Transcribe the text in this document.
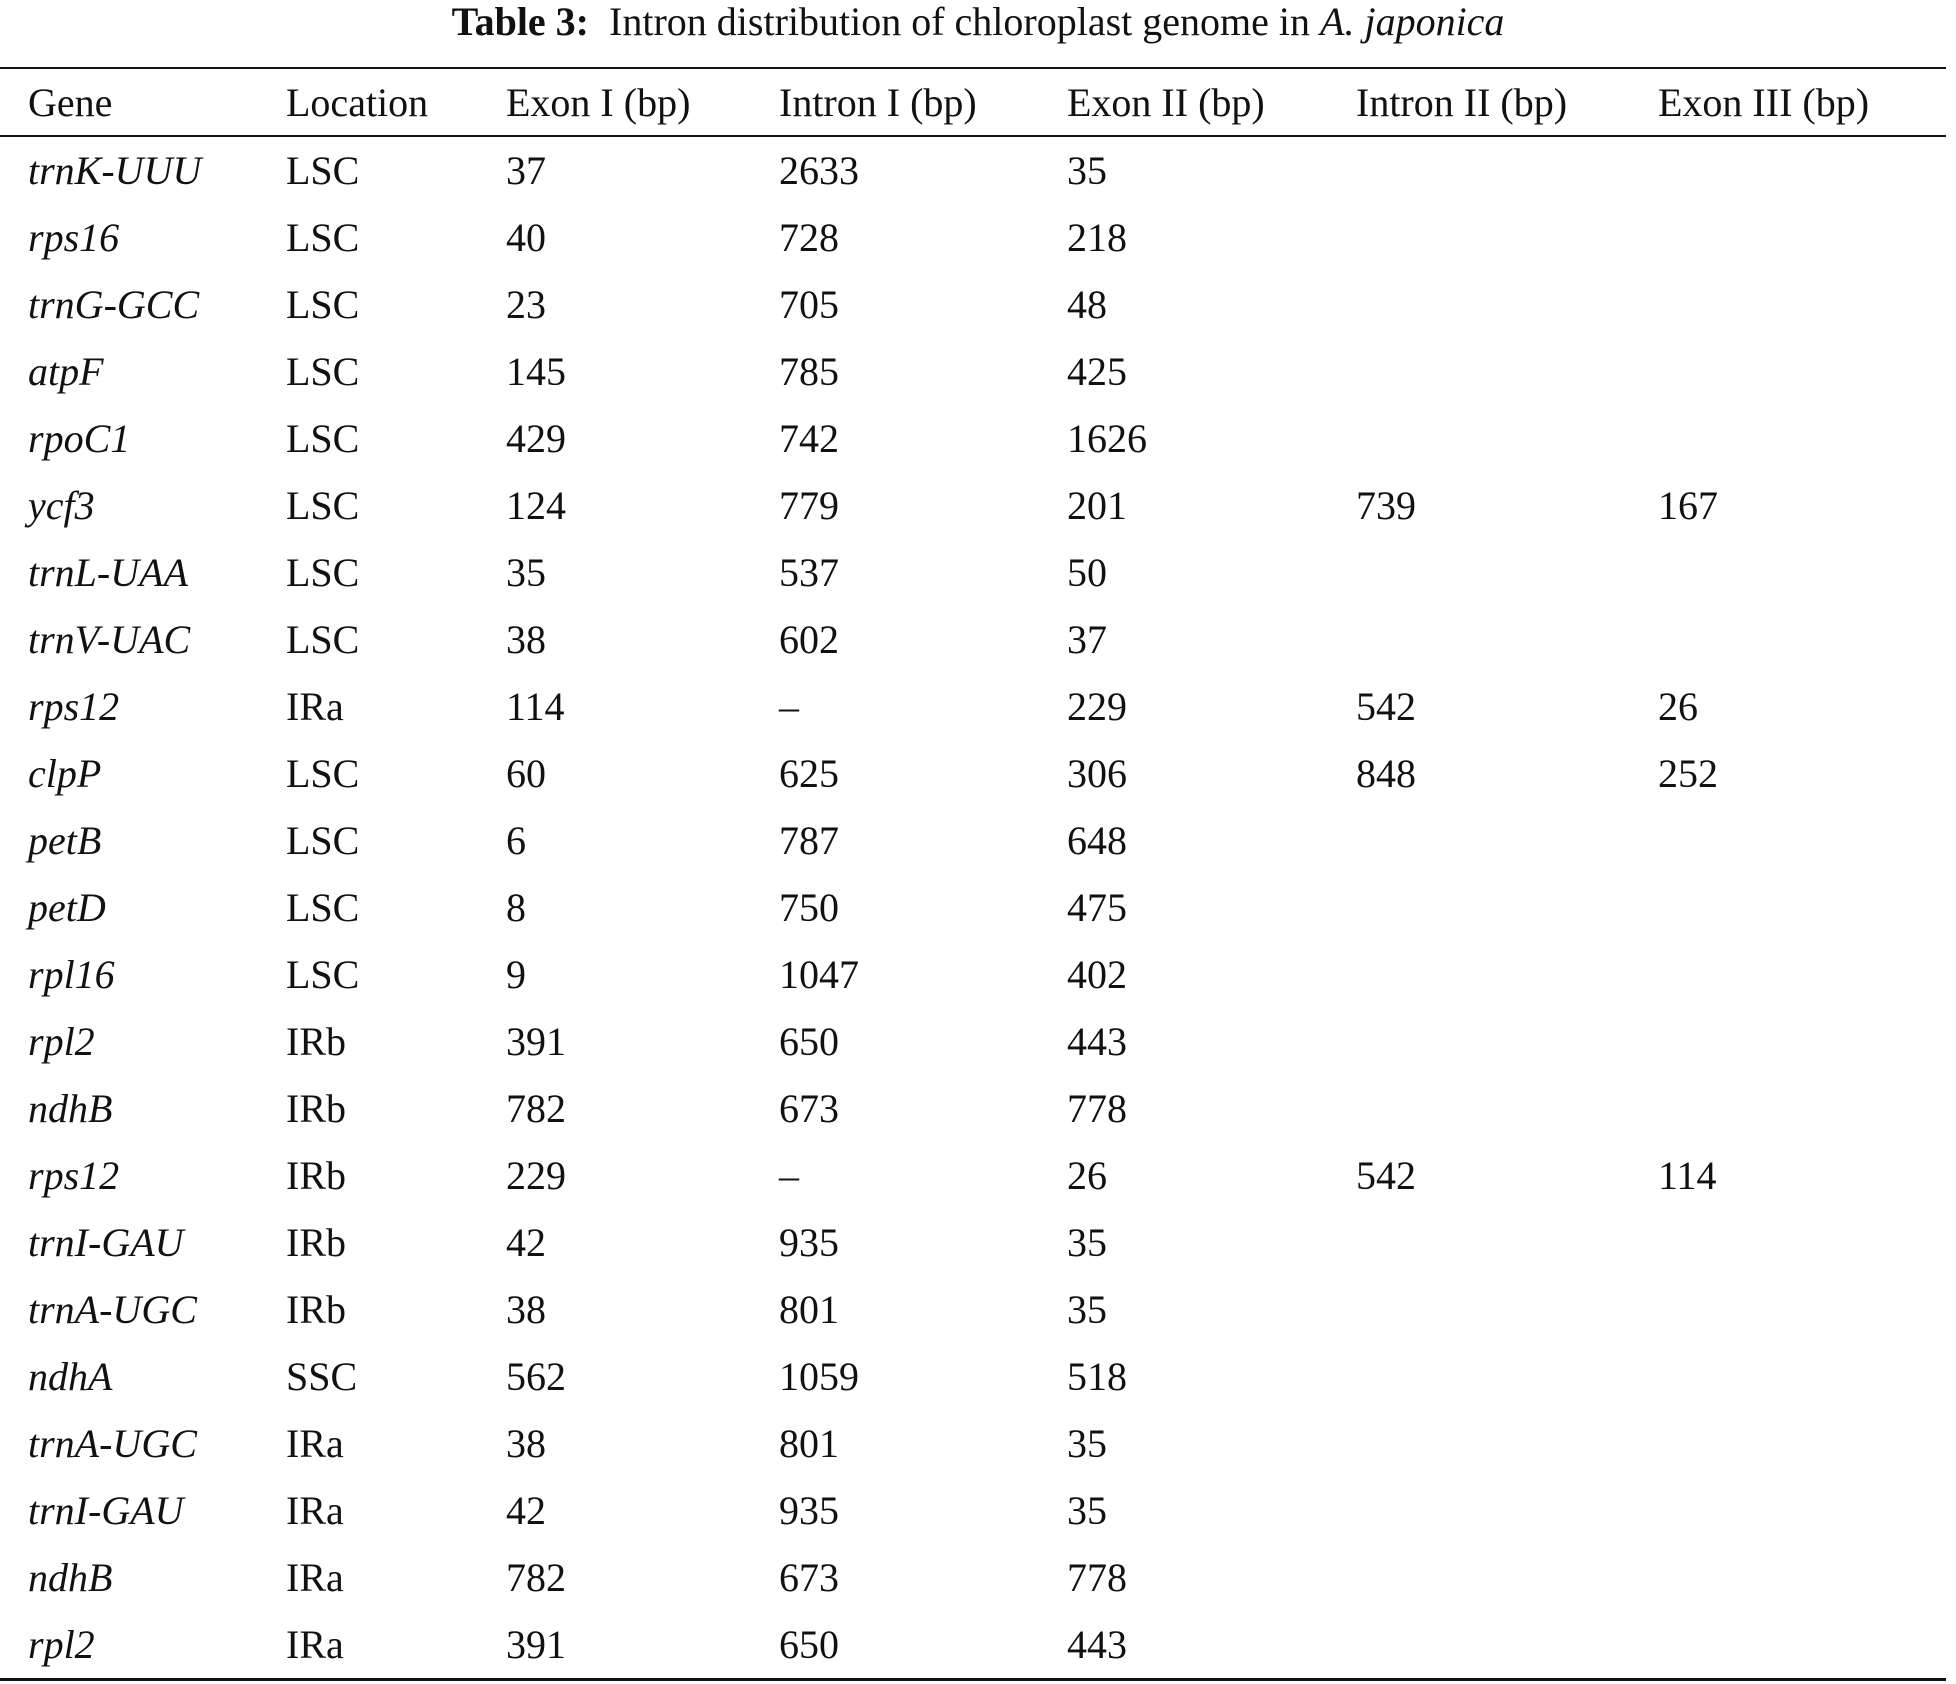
Table 3: Intron distribution of chloroplast genome in A. japonica
Gene	Location	Exon I (bp)	Intron I (bp)	Exon II (bp)	Intron II (bp)	Exon III (bp)
trnK-UUU	LSC	37	2633	35		
rps16	LSC	40	728	218		
trnG-GCC	LSC	23	705	48		
atpF	LSC	145	785	425		
rpoC1	LSC	429	742	1626		
ycf3	LSC	124	779	201	739	167
trnL-UAA	LSC	35	537	50		
trnV-UAC	LSC	38	602	37		
rps12	IRa	114	–	229	542	26
clpP	LSC	60	625	306	848	252
petB	LSC	6	787	648		
petD	LSC	8	750	475		
rpl16	LSC	9	1047	402		
rpl2	IRb	391	650	443		
ndhB	IRb	782	673	778		
rps12	IRb	229	–	26	542	114
trnI-GAU	IRb	42	935	35		
trnA-UGC	IRb	38	801	35		
ndhA	SSC	562	1059	518		
trnA-UGC	IRa	38	801	35		
trnI-GAU	IRa	42	935	35		
ndhB	IRa	782	673	778		
rpl2	IRa	391	650	443		
